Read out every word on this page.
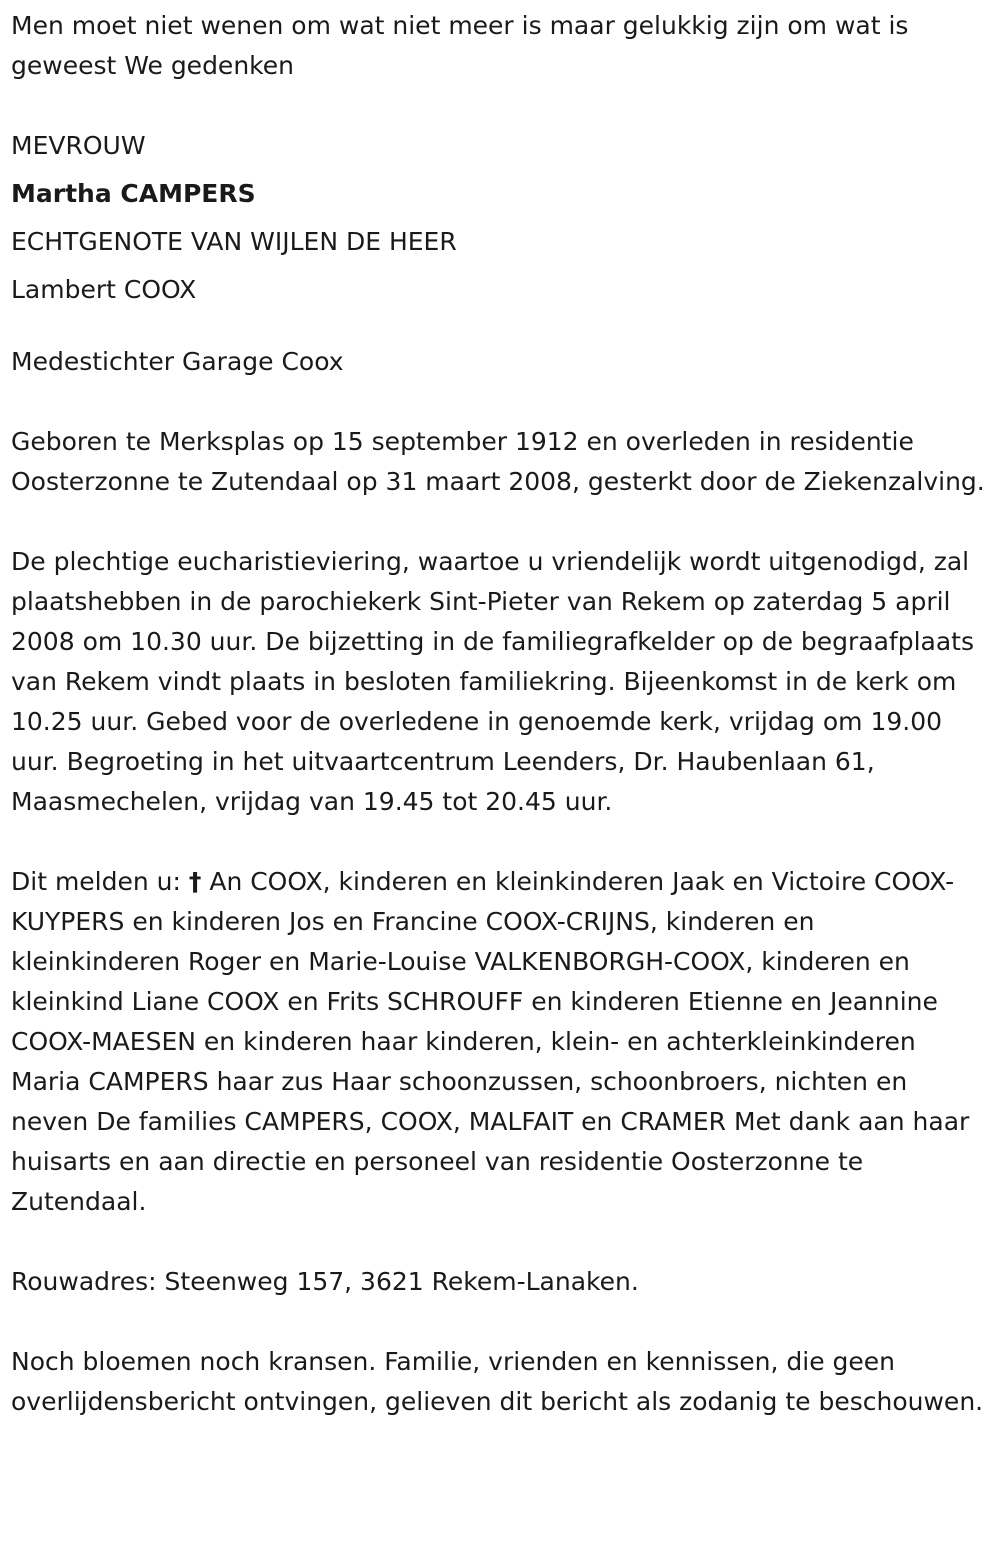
Men moet niet wenen om wat niet meer is maar gelukkig zijn om wat is geweest We gedenken

MEVROUW
Martha CAMPERS
ECHTGENOTE VAN WIJLEN DE HEER
Lambert COOX

Medestichter Garage Coox

Geboren te Merksplas op 15 september 1912 en overleden in residentie Oosterzonne te Zutendaal op 31 maart 2008, gesterkt door de Ziekenzalving.

De plechtige eucharistieviering, waartoe u vriendelijk wordt uitgenodigd, zal plaatshebben in de parochiekerk Sint-Pieter van Rekem op zaterdag 5 april 2008 om 10.30 uur. De bijzetting in de familiegrafkelder op de begraafplaats van Rekem vindt plaats in besloten familiekring. Bijeenkomst in de kerk om 10.25 uur. Gebed voor de overledene in genoemde kerk, vrijdag om 19.00 uur. Begroeting in het uitvaartcentrum Leenders, Dr. Haubenlaan 61, Maasmechelen, vrijdag van 19.45 tot 20.45 uur.

Dit melden u: † An COOX, kinderen en kleinkinderen Jaak en Victoire COOX-KUYPERS en kinderen Jos en Francine COOX-CRIJNS, kinderen en kleinkinderen Roger en Marie-Louise VALKENBORGH-COOX, kinderen en kleinkind Liane COOX en Frits SCHROUFF en kinderen Etienne en Jeannine COOX-MAESEN en kinderen haar kinderen, klein- en achterkleinkinderen Maria CAMPERS haar zus Haar schoonzussen, schoonbroers, nichten en neven De families CAMPERS, COOX, MALFAIT en CRAMER Met dank aan haar huisarts en aan directie en personeel van residentie Oosterzonne te Zutendaal.

Rouwadres: Steenweg 157, 3621 Rekem-Lanaken.

Noch bloemen noch kransen. Familie, vrienden en kennissen, die geen overlijdensbericht ontvingen, gelieven dit bericht als zodanig te beschouwen.
